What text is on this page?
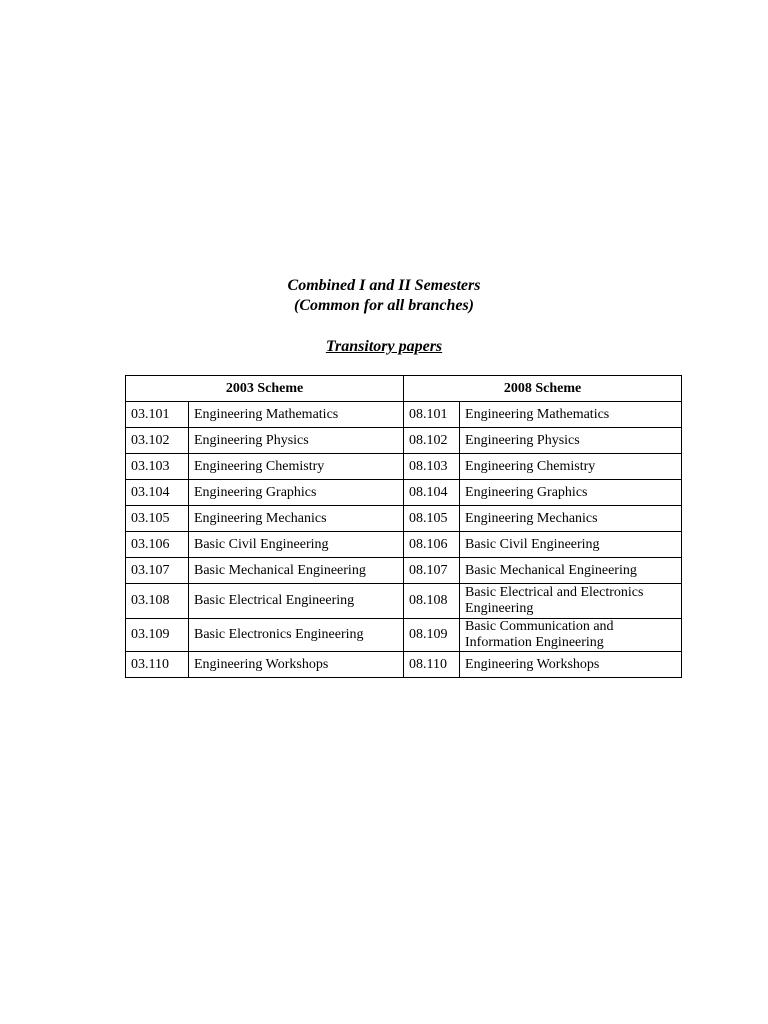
Combined I and II Semesters

(Common for all branches)

Transitory papers
2003 Scheme		2008 Scheme	
03.101	Engineering Mathematics	08.101	Engineering Mathematics
03.102	Engineering Physics	08.102	Engineering Physics
03.103	Engineering Chemistry	08.103	Engineering Chemistry
03.104	Engineering Graphics	08.104	Engineering Graphics
03.105	Engineering Mechanics	08.105	Engineering Mechanics
03.106	Basic Civil Engineering	08.106	Basic Civil Engineering
03.107	Basic Mechanical Engineering	08.107	Basic Mechanical Engineering
03.108	Basic Electrical Engineering	08.108	Basic Electrical and Electronics Engineering
03.109	Basic Electronics Engineering	08.109	Basic Communication and Information Engineering
03.110	Engineering Workshops	08.110	Engineering Workshops
